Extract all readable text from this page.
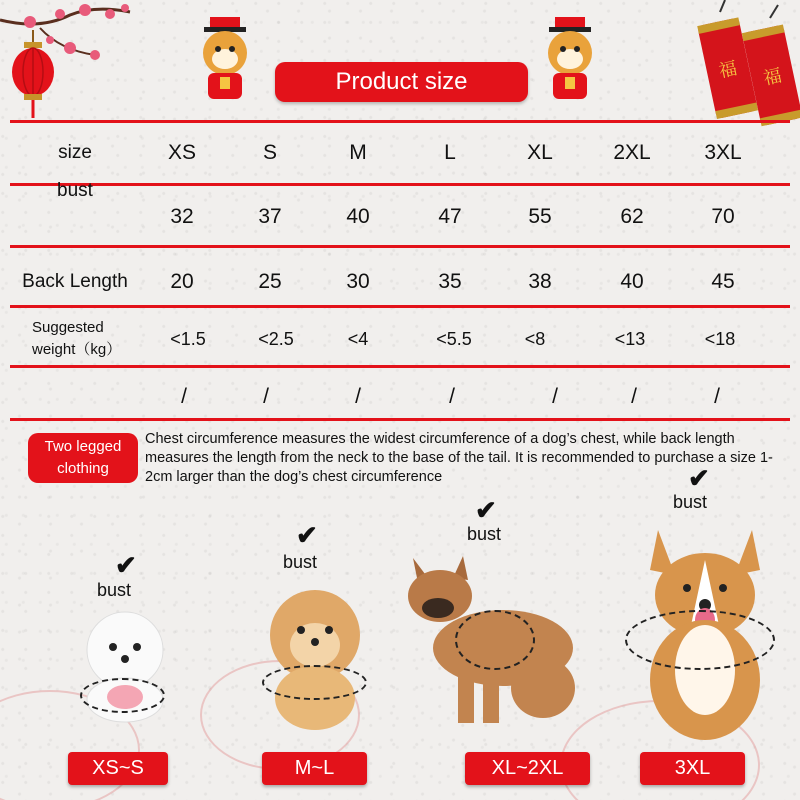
福 福
Product size
size	XS	S	M	L	XL	2XL	3XL
bust
32	37	40	47	55	62	70
Back Length	20	25	30	35	38	40	45
Suggested
weight（kg）
<1.5	<2.5	<4	<5.5	<8	<13	<18
/	/	/	/	/	/	/
Two legged
clothing
Chest circumference measures the widest circumference of a dog’s chest, while back length measures the length from the neck to the base of the tail. It is recommended to purchase a size 1-2cm larger than the dog’s chest circumference
✔
bust
XS~S
✔
bust
M~L
✔
bust
XL~2XL
✔
bust
3XL
